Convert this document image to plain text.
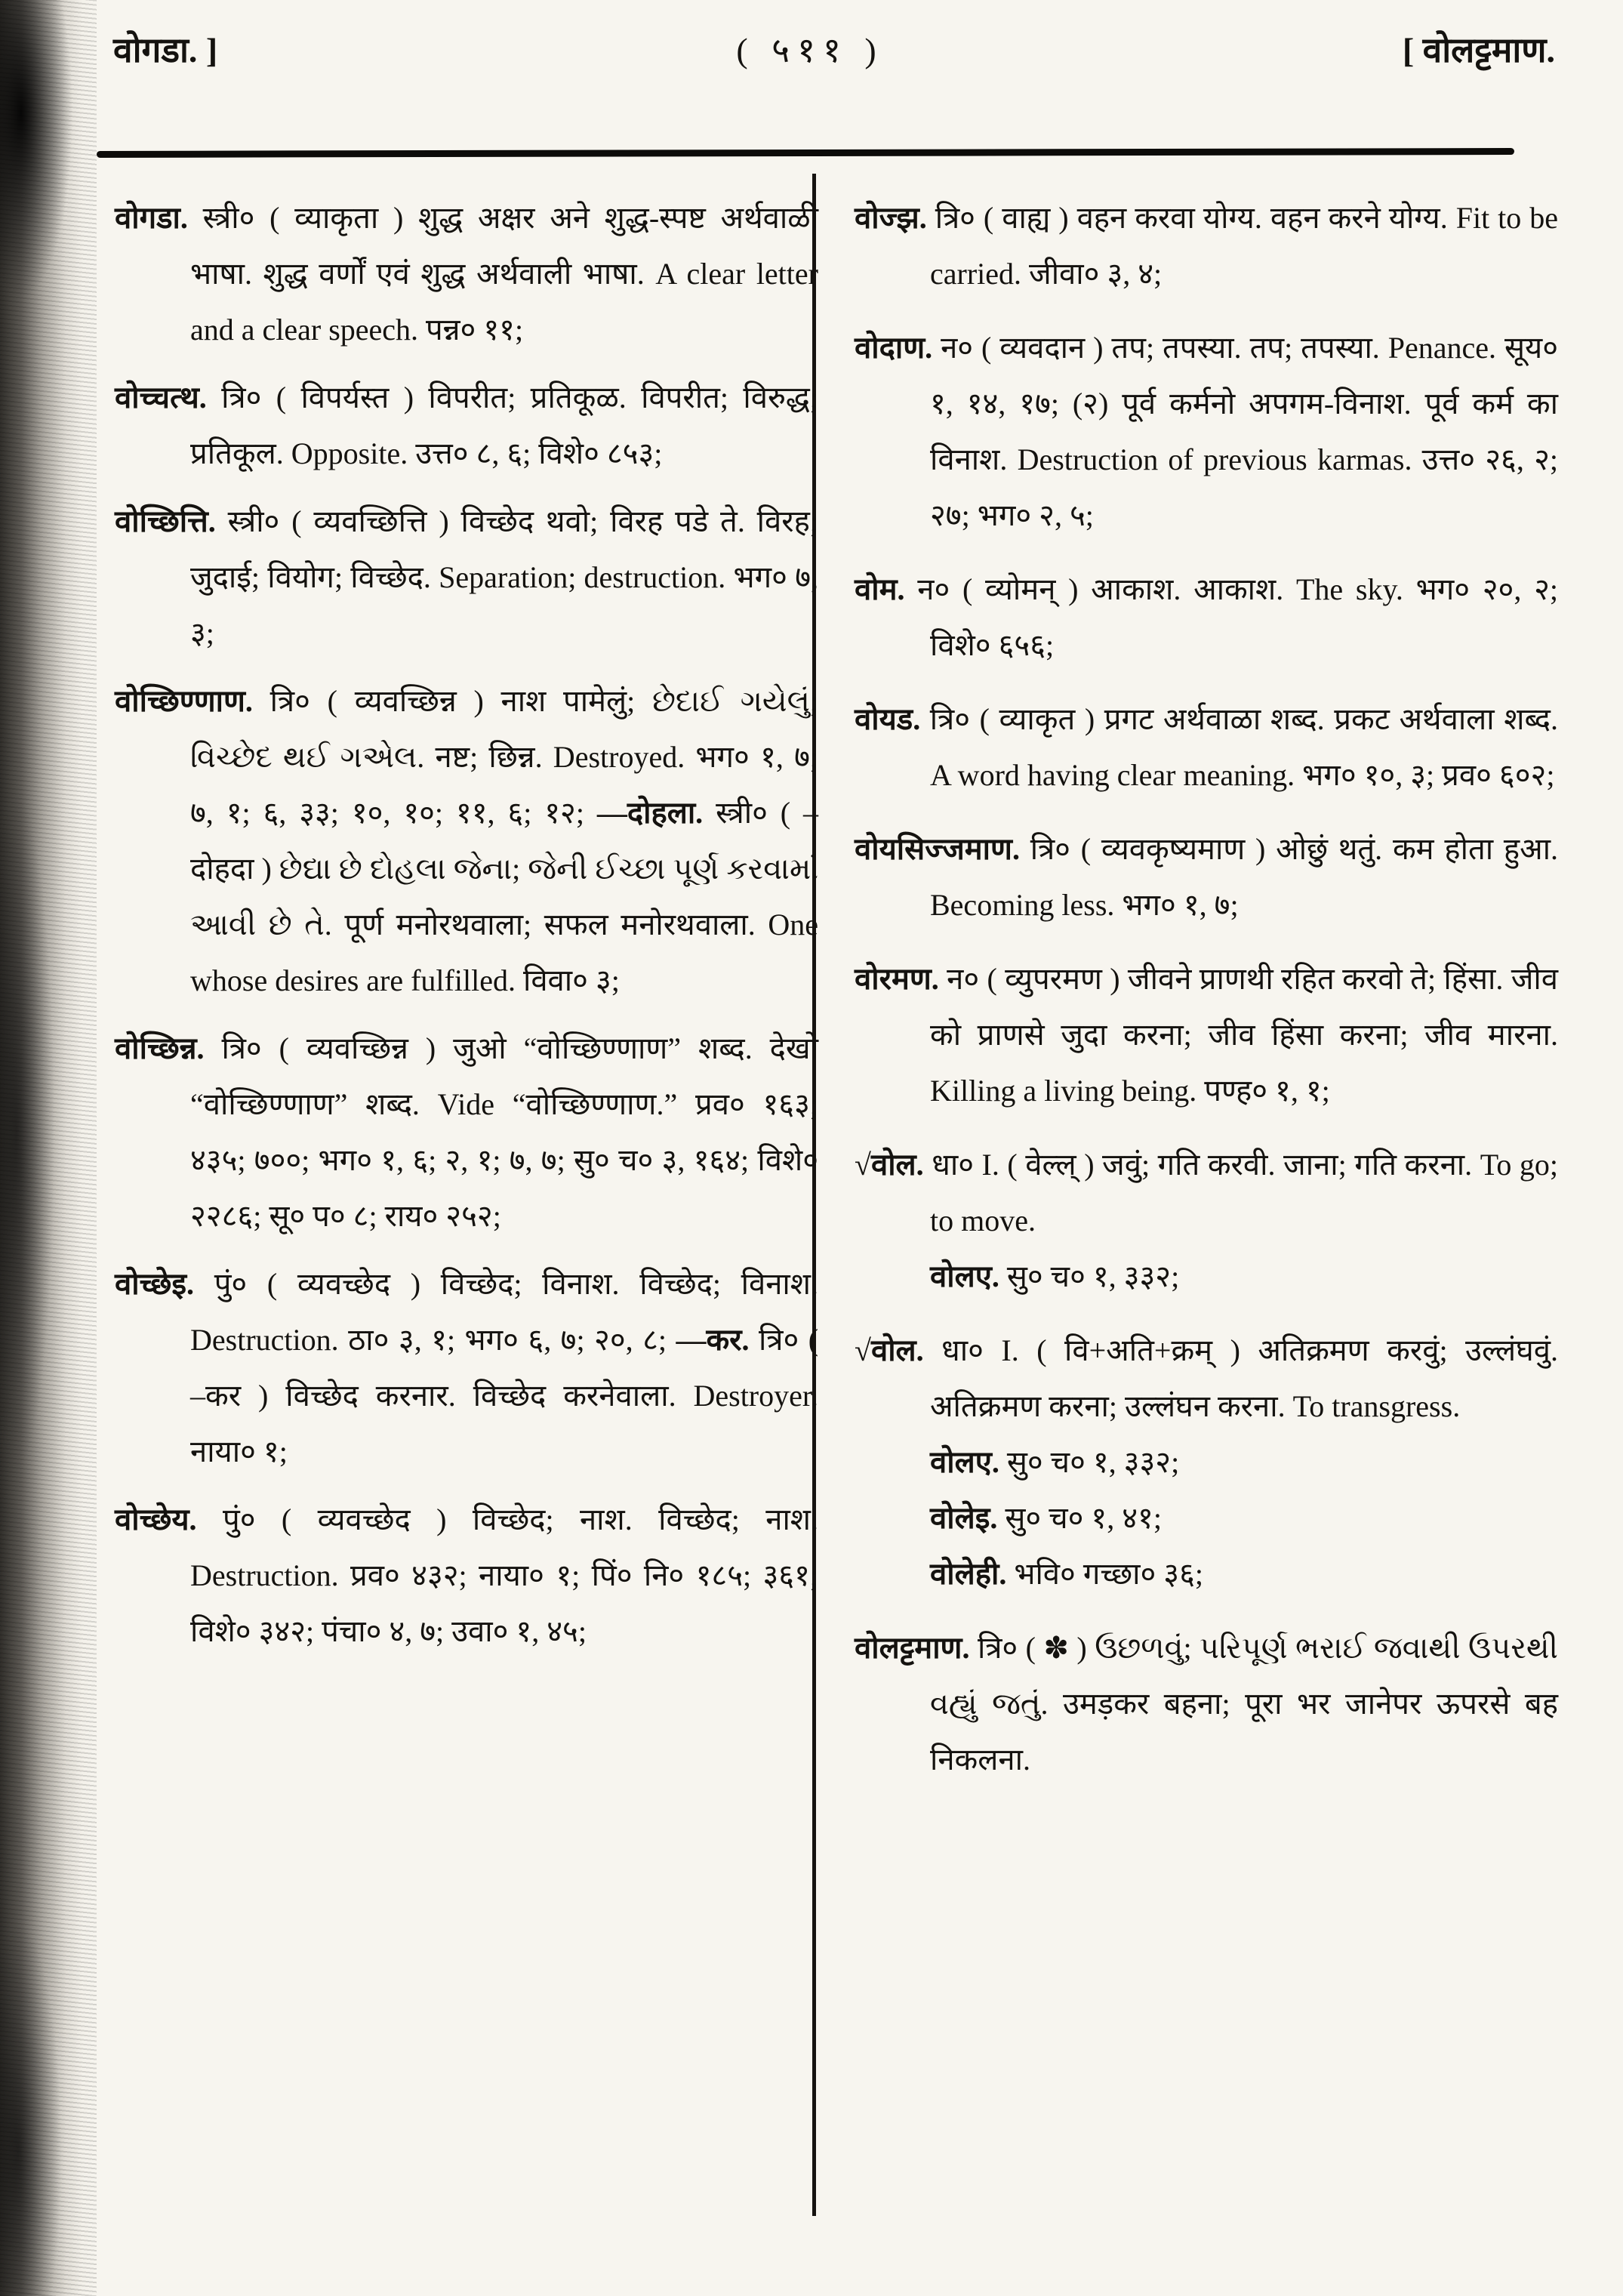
वोगडा. ]	( ५११ )	[ वोलट्टमाण.

वोगडा. स्त्री० ( व्याकृता ) शुद्ध अक्षर अने शुद्ध-स्पष्ट अर्थवाळी भाषा. शुद्ध वर्णों एवं शुद्ध अर्थवाली भाषा. A clear letter and a clear speech. पन्न० ११;

वोच्चत्थ. त्रि० ( विपर्यस्त ) विपरीत; प्रतिकूळ. विपरीत; विरुद्ध; प्रतिकूल. Opposite. उत्त० ८, ६; विशे० ८५३;

वोच्छित्ति. स्त्री० ( व्यवच्छित्ति ) विच्छेद थवो; विरह पडे ते. विरह; जुदाई; वियोग; विच्छेद. Separation; destruction. भग० ७, ३;

वोच्छिण्णाण. त्रि० ( व्यवच्छिन्न ) नाश पामेलुं; છેદાઈ ગયેલું; વિચ્છેદ થઈ ગએલ. नष्ट; छिन्न. Destroyed. भग० १, ७; ७, १; ६, ३३; १०, १०; ११, ६; १२; —दोहला. स्त्री० ( –दोहदा ) છેદ્યા છે દોહલા જેના; જેની ઈચ્છા પૂર્ણ કરવામાં આવી છે તે. पूर्ण मनोरथवाला; सफल मनोरथवाला. One whose desires are fulfilled. विवा० ३;

वोच्छिन्न. त्रि० ( व्यवच्छिन्न ) जुओ “वोच्छिण्णाण” शब्द. देखो “वोच्छिण्णाण” शब्द. Vide “वोच्छिण्णाण.” प्रव० १६३; ४३५; ७००; भग० १, ६; २, १; ७, ७; सु० च० ३, १६४; विशे० २२८६; सू० प० ८; राय० २५२;

वोच्छेइ. पुं० ( व्यवच्छेद ) विच्छेद; विनाश. विच्छेद; विनाश. Destruction. ठा० ३, १; भग० ६, ७; २०, ८; —कर. त्रि० ( –कर ) विच्छेद करनार. विच्छेद करनेवाला. Destroyer. नाया० १;

वोच्छेय. पुं० ( व्यवच्छेद ) विच्छेद; नाश. विच्छेद; नाश. Destruction. प्रव० ४३२; नाया० १; पिं० नि० १८५; ३६१; विशे० ३४२; पंचा० ४, ७; उवा० १, ४५;

वोज्झ. त्रि० ( वाह्य ) वहन करवा योग्य. वहन करने योग्य. Fit to be carried. जीवा० ३, ४;

वोदाण. न० ( व्यवदान ) तप; तपस्या. तप; तपस्या. Penance. सूय० १, १४, १७; (२) पूर्व कर्मनो अपगम-विनाश. पूर्व कर्म का विनाश. Destruction of previous karmas. उत्त० २६, २; २७; भग० २, ५;

वोम. न० ( व्योमन् ) आकाश. आकाश. The sky. भग० २०, २; विशे० ६५६;

वोयड. त्रि० ( व्याकृत ) प्रगट अर्थवाळा शब्द. प्रकट अर्थवाला शब्द. A word having clear meaning. भग० १०, ३; प्रव० ६०२;

वोयसिज्जमाण. त्रि० ( व्यवकृष्यमाण ) ओछुं थतुं. कम होता हुआ. Becoming less. भग० १, ७;

वोरमण. न० ( व्युपरमण ) जीवने प्राणथी रहित करवो ते; हिंसा. जीव को प्राणसे जुदा करना; जीव हिंसा करना; जीव मारना. Killing a living being. पण्ह० १, १;

√वोल. धा० I. ( वेल्ल् ) जवुं; गति करवी. जाना; गति करना. To go; to move.
वोलए. सु० च० १, ३३२;

√वोल. धा० I. ( वि+अति+क्रम् ) अतिक्रमण करवुं; उल्लंघवुं. अतिक्रमण करना; उल्लंघन करना. To transgress.
वोलए. सु० च० १, ३३२;
वोलेइ. सु० च० १, ४१;
वोलेही. भवि० गच्छा० ३६;

वोलट्टमाण. त्रि० ( ✽ ) ઉછળવું; પરિપૂર્ણ ભરાઈ જવાથી ઉપરથી વહ્યું જતું. उमड़कर बहना; पूरा भर जानेपर ऊपरसे बह निकलना.
